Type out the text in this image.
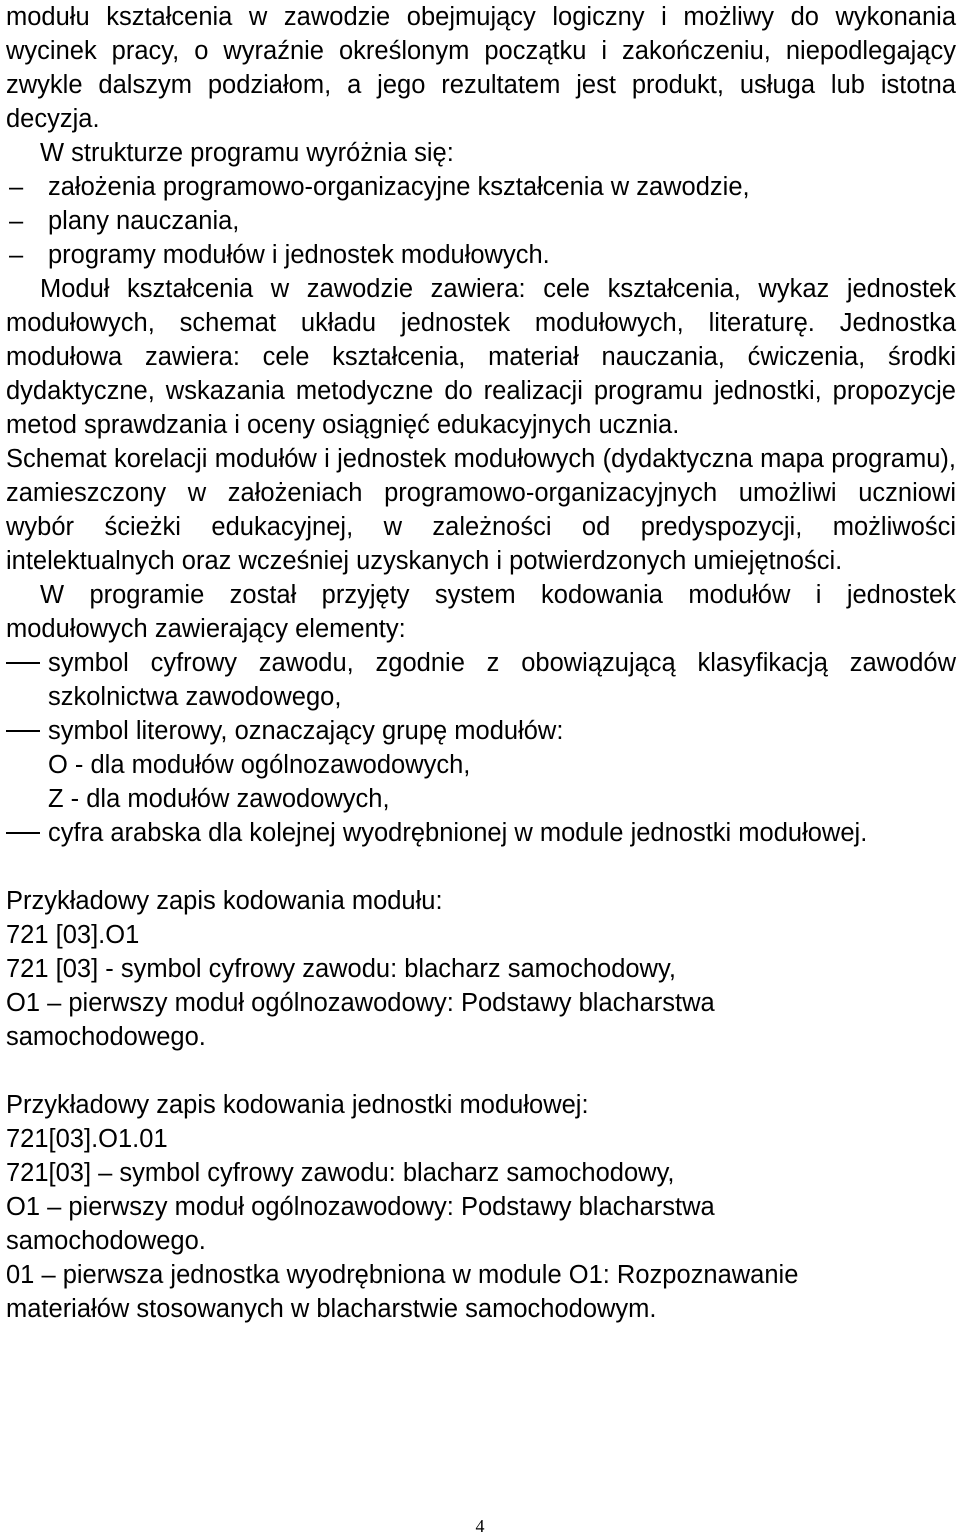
modułu kształcenia w zawodzie obejmujący logiczny i możliwy do wykonania wycinek pracy, o wyraźnie określonym początku i zakończeniu, niepodlegający zwykle dalszym podziałom, a jego rezultatem jest produkt, usługa lub istotna decyzja.

W strukturze programu wyróżnia się:

– założenia programowo-organizacyjne kształcenia w zawodzie,

– plany nauczania,

– programy modułów i jednostek modułowych.

Moduł kształcenia w zawodzie zawiera: cele kształcenia, wykaz jednostek modułowych, schemat układu jednostek modułowych, literaturę. Jednostka modułowa zawiera: cele kształcenia, materiał nauczania, ćwiczenia, środki dydaktyczne, wskazania metodyczne do realizacji programu jednostki, propozycje metod sprawdzania i oceny osiągnięć edukacyjnych ucznia.

Schemat korelacji modułów i jednostek modułowych (dydaktyczna mapa programu), zamieszczony w założeniach programowo-organizacyjnych umożliwi uczniowi wybór ścieżki edukacyjnej, w zależności od predyspozycji, możliwości intelektualnych oraz wcześniej uzyskanych i potwierdzonych umiejętności.

W programie został przyjęty system kodowania modułów i jednostek modułowych zawierający elementy:

symbol cyfrowy zawodu, zgodnie z obowiązującą klasyfikacją zawodów szkolnictwa zawodowego,
symbol literowy, oznaczający grupę modułów:

O - dla modułów ogólnozawodowych,

Z - dla modułów zawodowych,

cyfra arabska dla kolejnej wyodrębnionej w module jednostki modułowej.

Przykładowy zapis kodowania modułu:

721 [03].O1

721 [03] - symbol cyfrowy zawodu: blacharz samochodowy,

O1 – pierwszy moduł ogólnozawodowy: Podstawy blacharstwa

samochodowego.

Przykładowy zapis kodowania jednostki modułowej:

721[03].O1.01

721[03] – symbol cyfrowy zawodu: blacharz samochodowy,

O1 – pierwszy moduł ogólnozawodowy: Podstawy blacharstwa

samochodowego.

01 – pierwsza jednostka wyodrębniona w module O1: Rozpoznawanie

materiałów stosowanych w blacharstwie samochodowym.

4
